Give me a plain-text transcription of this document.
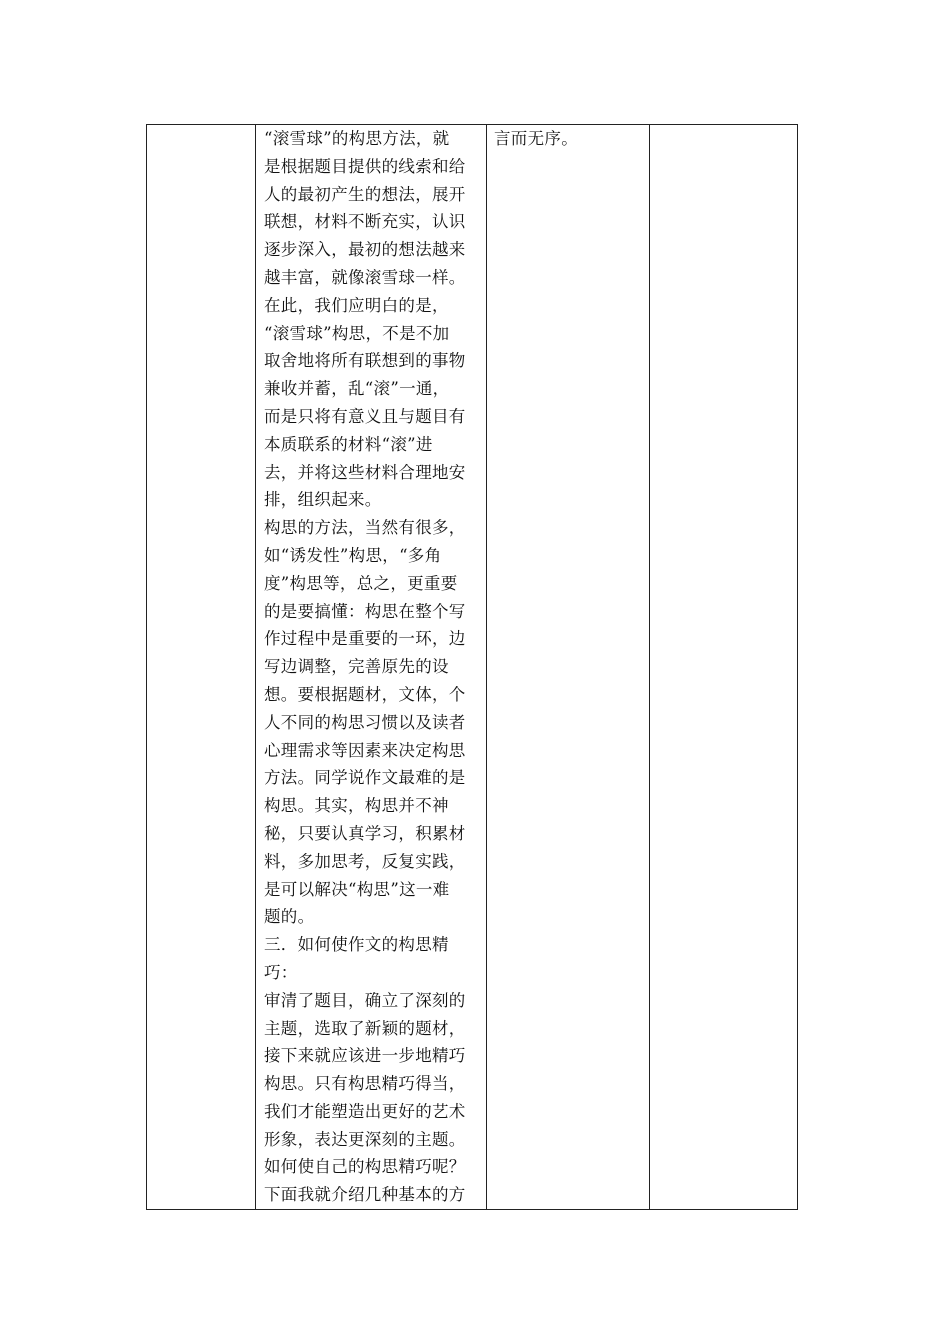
“滚雪球”的构思方法，就
是根据题目提供的线索和给
人的最初产生的想法，展开
联想，材料不断充实，认识
逐步深入，最初的想法越来
越丰富，就像滚雪球一样。
在此，我们应明白的是，
“滚雪球”构思，不是不加
取舍地将所有联想到的事物
兼收并蓄，乱“滚”一通，
而是只将有意义且与题目有
本质联系的材料“滚”进
去，并将这些材料合理地安
排，组织起来。
构思的方法，当然有很多，
如“诱发性”构思，“多角
度”构思等，总之，更重要
的是要搞懂：构思在整个写
作过程中是重要的一环，边
写边调整，完善原先的设
想。要根据题材，文体，个
人不同的构思习惯以及读者
心理需求等因素来决定构思
方法。同学说作文最难的是
构思。其实，构思并不神
秘，只要认真学习，积累材
料，多加思考，反复实践，
是可以解决“构思”这一难
题的。
三．如何使作文的构思精
巧：
审清了题目，确立了深刻的
主题，选取了新颖的题材，
接下来就应该进一步地精巧
构思。只有构思精巧得当，
我们才能塑造出更好的艺术
形象，表达更深刻的主题。
如何使自己的构思精巧呢？
下面我就介绍几种基本的方

言而无序。
